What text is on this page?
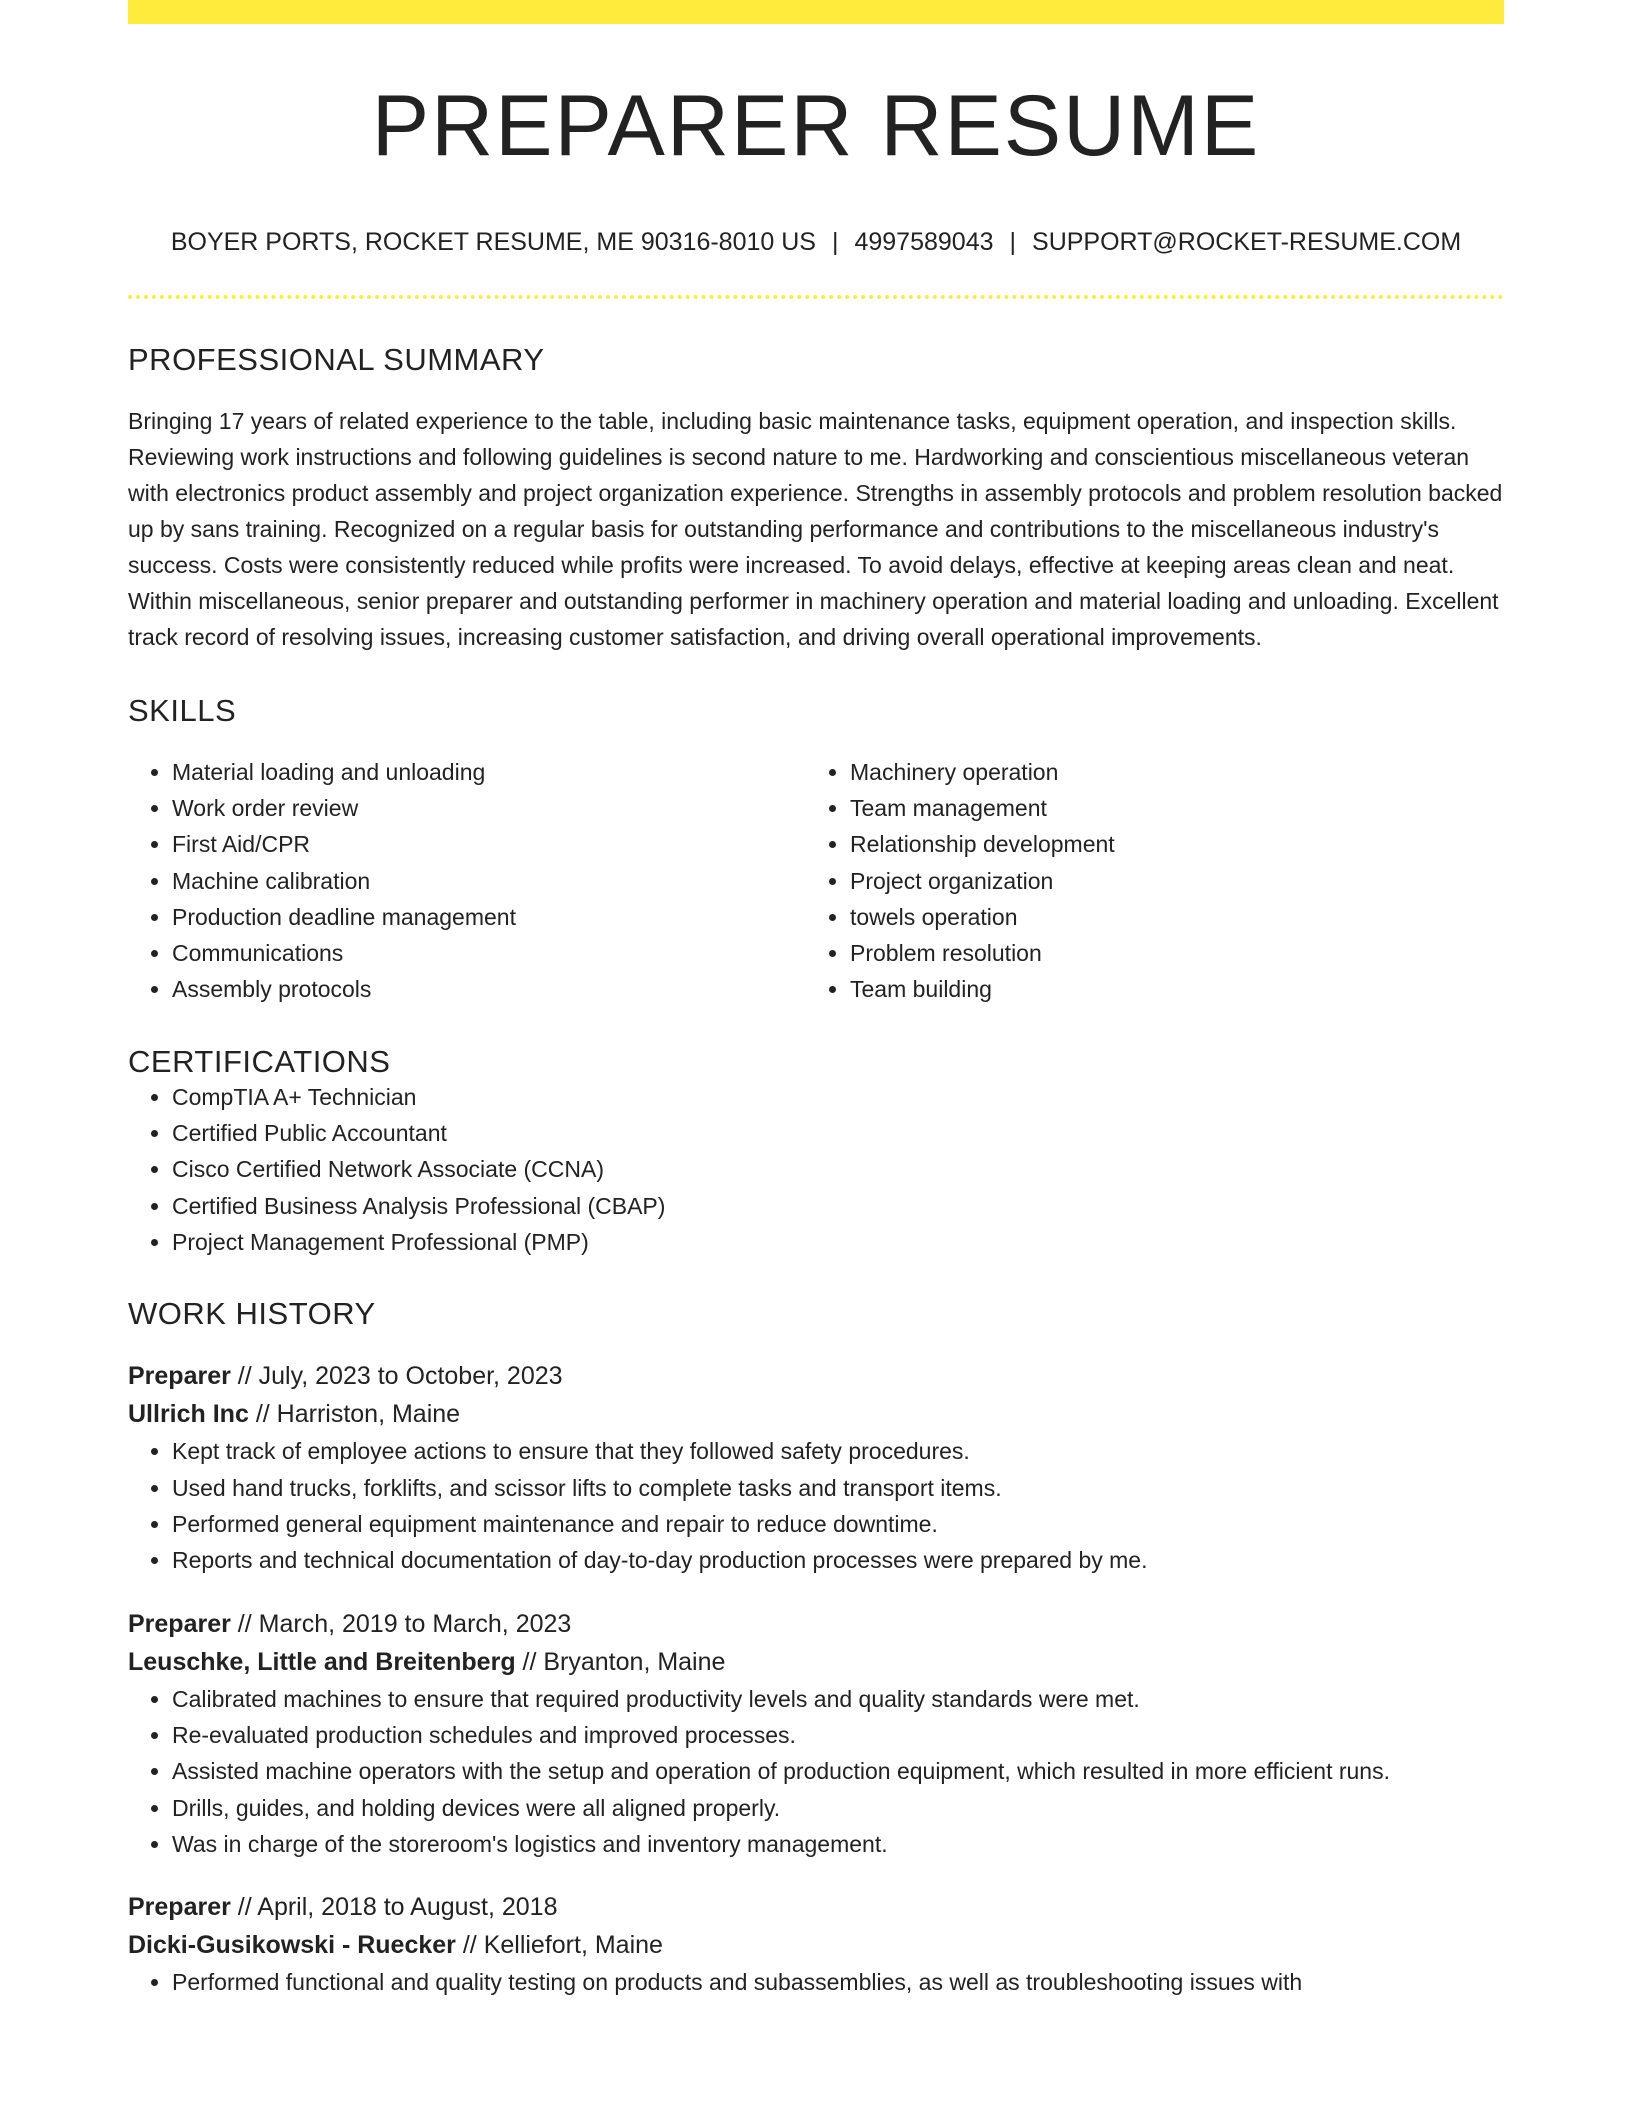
PREPARER RESUME
BOYER PORTS, ROCKET RESUME, ME 90316-8010 US | 4997589043 | SUPPORT@ROCKET-RESUME.COM
PROFESSIONAL SUMMARY

Bringing 17 years of related experience to the table, including basic maintenance tasks, equipment operation, and inspection skills. Reviewing work instructions and following guidelines is second nature to me. Hardworking and conscientious miscellaneous veteran with electronics product assembly and project organization experience. Strengths in assembly protocols and problem resolution backed up by sans training. Recognized on a regular basis for outstanding performance and contributions to the miscellaneous industry's success. Costs were consistently reduced while profits were increased. To avoid delays, effective at keeping areas clean and neat. Within miscellaneous, senior preparer and outstanding performer in machinery operation and material loading and unloading. Excellent track record of resolving issues, increasing customer satisfaction, and driving overall operational improvements.

SKILLS
• Material loading and unloading
• Work order review
• First Aid/CPR
• Machine calibration
• Production deadline management
• Communications
• Assembly protocols
• Machinery operation
• Team management
• Relationship development
• Project organization
• towels operation
• Problem resolution
• Team building
CERTIFICATIONS
• CompTIA A+ Technician
• Certified Public Accountant
• Cisco Certified Network Associate (CCNA)
• Certified Business Analysis Professional (CBAP)
• Project Management Professional (PMP)
WORK HISTORY
Preparer // July, 2023 to October, 2023
Ullrich Inc // Harriston, Maine
• Kept track of employee actions to ensure that they followed safety procedures.
• Used hand trucks, forklifts, and scissor lifts to complete tasks and transport items.
• Performed general equipment maintenance and repair to reduce downtime.
• Reports and technical documentation of day-to-day production processes were prepared by me.
Preparer // March, 2019 to March, 2023
Leuschke, Little and Breitenberg // Bryanton, Maine
• Calibrated machines to ensure that required productivity levels and quality standards were met.
• Re-evaluated production schedules and improved processes.
• Assisted machine operators with the setup and operation of production equipment, which resulted in more efficient runs.
• Drills, guides, and holding devices were all aligned properly.
• Was in charge of the storeroom's logistics and inventory management.
Preparer // April, 2018 to August, 2018
Dicki-Gusikowski - Ruecker // Kelliefort, Maine
• Performed functional and quality testing on products and subassemblies, as well as troubleshooting issues with
